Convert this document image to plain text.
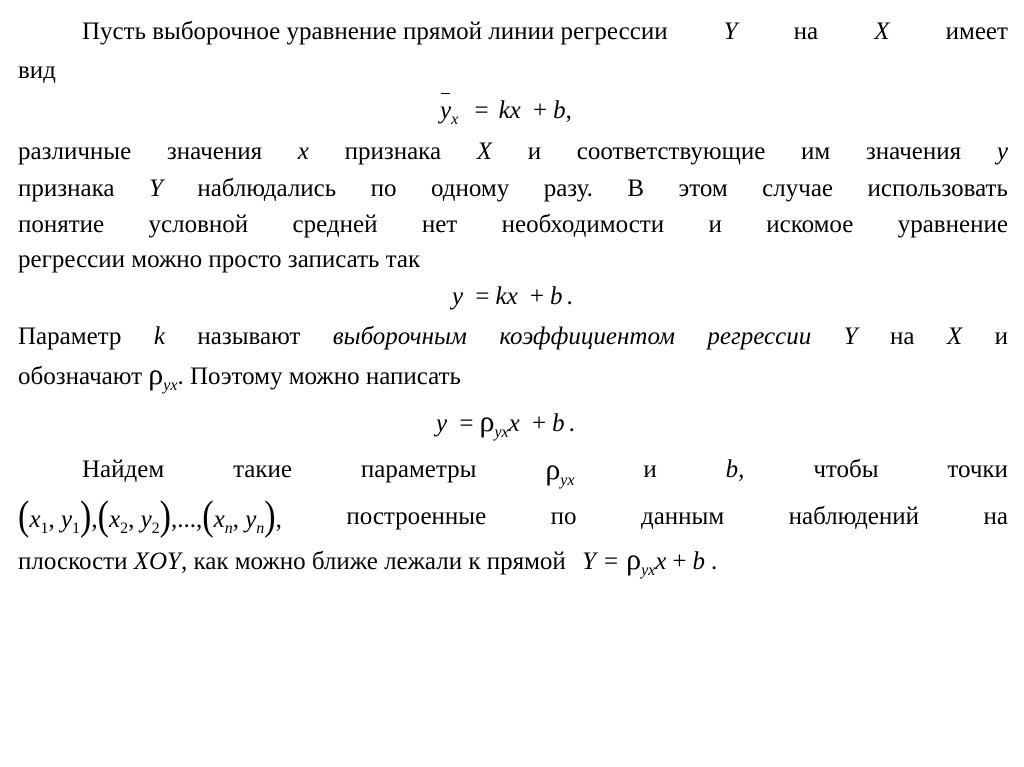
Пусть выборочное уравнение прямой линии регрессии Y на X имеет
вид
$y_x$ = kx + b,
различные значения x признака X и соответствующие им значения y
признака Y наблюдались по одному разу. В этом случае использовать
понятие условной средней нет необходимости и искомое уравнение
регрессии можно просто записать так
y = kx + b .
Параметр k называют выборочным коэффициентом регрессии Y на X и
обозначают $\rho_{yx}$. Поэтому можно написать
$y = \rho_{yx}x + b$ .
Найдем	такие	параметры $\rho_{yx}$	и	b,	чтобы	точки
($x_1$, $y_1),(x_2$, $y_2),...,(x_n$, $y_n$),	построенные	по	данным	наблюдений	на
плоскости XOY, как можно ближе лежали к прямой $Y = \rho_{yx}x + b$ .
